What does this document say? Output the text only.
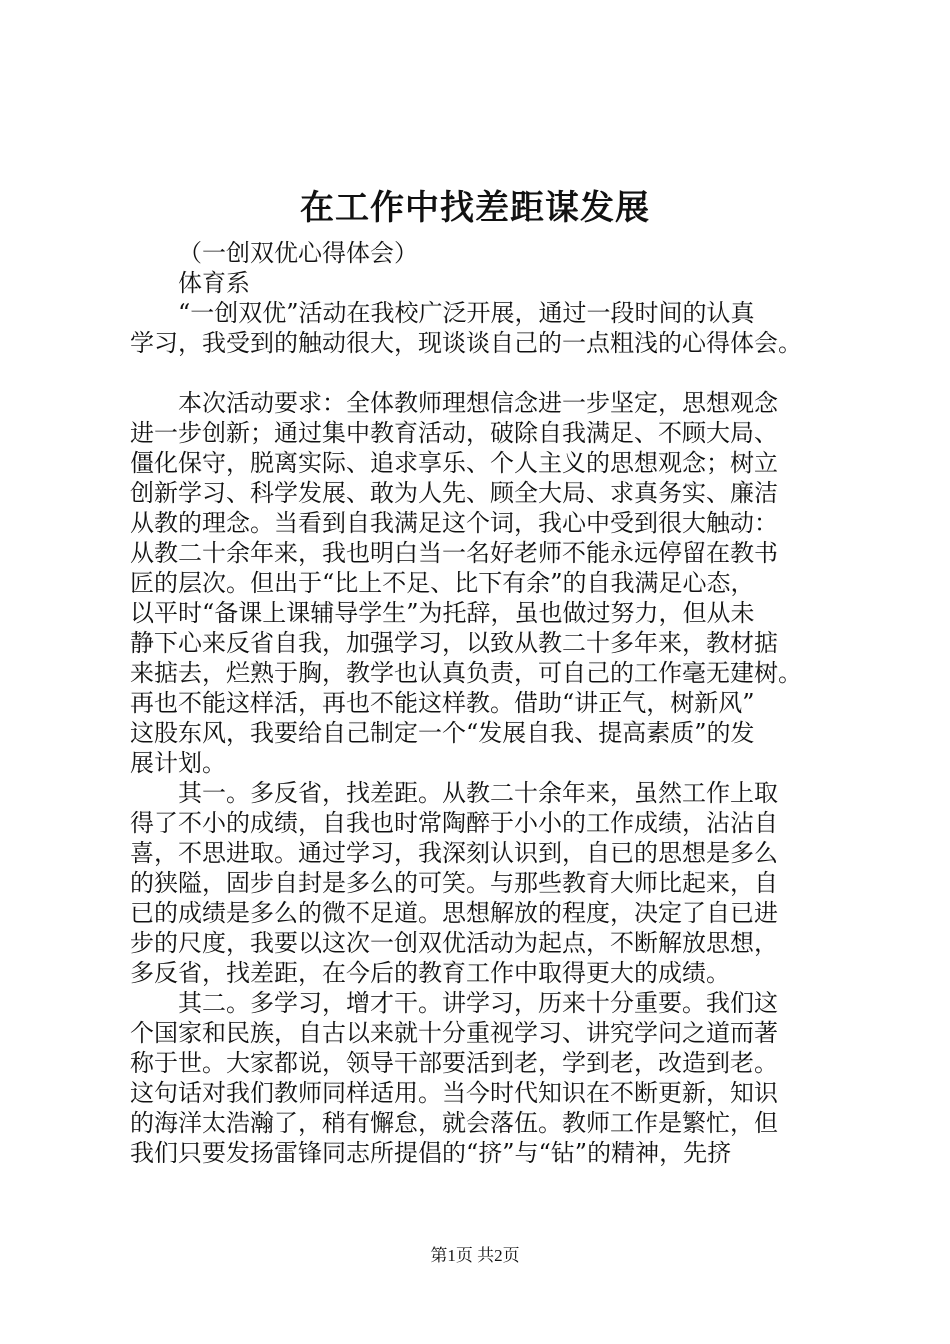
在工作中找差距谋发展
（一创双优心得体会）
体育系
“一创双优”活动在我校广泛开展，通过一段时间的认真
学习，我受到的触动很大，现谈谈自己的一点粗浅的心得体会。
本次活动要求：全体教师理想信念进一步坚定，思想观念
进一步创新；通过集中教育活动，破除自我满足、不顾大局、
僵化保守，脱离实际、追求享乐、个人主义的思想观念；树立
创新学习、科学发展、敢为人先、顾全大局、求真务实、廉洁
从教的理念。当看到自我满足这个词，我心中受到很大触动：
从教二十余年来，我也明白当一名好老师不能永远停留在教书
匠的层次。但出于“比上不足、比下有余”的自我满足心态，
以平时“备课上课辅导学生”为托辞，虽也做过努力，但从未
静下心来反省自我，加强学习，以致从教二十多年来，教材掂
来掂去，烂熟于胸，教学也认真负责，可自己的工作毫无建树。
再也不能这样活，再也不能这样教。借助“讲正气，树新风”
这股东风，我要给自己制定一个“发展自我、提高素质”的发
展计划。
其一。多反省，找差距。从教二十余年来，虽然工作上取
得了不小的成绩，自我也时常陶醉于小小的工作成绩，沾沾自
喜，不思进取。通过学习，我深刻认识到，自已的思想是多么
的狭隘，固步自封是多么的可笑。与那些教育大师比起来，自
已的成绩是多么的微不足道。思想解放的程度，决定了自已进
步的尺度，我要以这次一创双优活动为起点，不断解放思想，
多反省，找差距，在今后的教育工作中取得更大的成绩。
其二。多学习，增才干。讲学习，历来十分重要。我们这
个国家和民族，自古以来就十分重视学习、讲究学问之道而著
称于世。大家都说，领导干部要活到老，学到老，改造到老。
这句话对我们教师同样适用。当今时代知识在不断更新，知识
的海洋太浩瀚了，稍有懈怠，就会落伍。教师工作是繁忙，但
我们只要发扬雷锋同志所提倡的“挤”与“钻”的精神，先挤
第1页 共2页
